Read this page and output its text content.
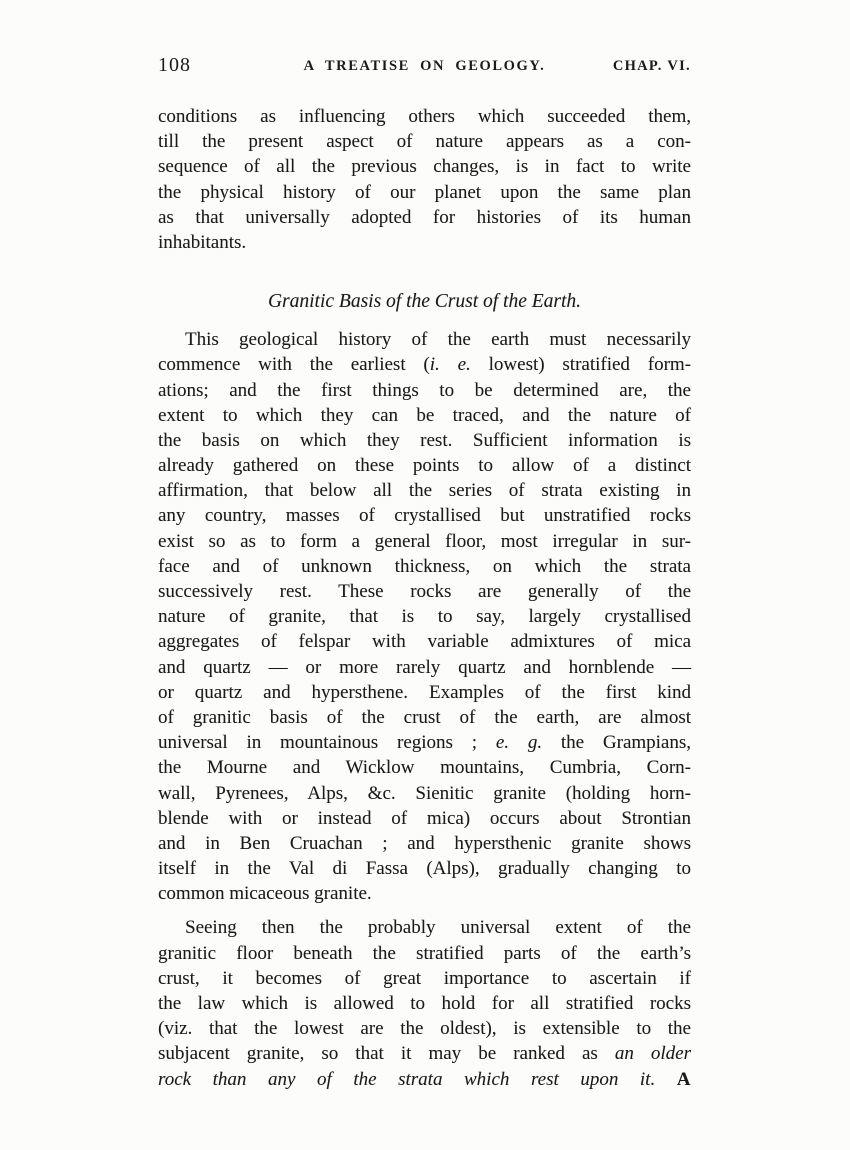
108	A TREATISE ON GEOLOGY.	CHAP. VI.
conditions as influencing others which succeeded them,
till the present aspect of nature appears as a con-
sequence of all the previous changes, is in fact to write
the physical history of our planet upon the same plan
as that universally adopted for histories of its human
inhabitants.
Granitic Basis of the Crust of the Earth.
This geological history of the earth must necessarily
commence with the earliest (i. e. lowest) stratified form-
ations; and the first things to be determined are, the
extent to which they can be traced, and the nature of
the basis on which they rest. Sufficient information is
already gathered on these points to allow of a distinct
affirmation, that below all the series of strata existing in
any country, masses of crystallised but unstratified rocks
exist so as to form a general floor, most irregular in sur-
face and of unknown thickness, on which the strata
successively rest. These rocks are generally of the
nature of granite, that is to say, largely crystallised
aggregates of felspar with variable admixtures of mica
and quartz — or more rarely quartz and hornblende —
or quartz and hypersthene. Examples of the first kind
of granitic basis of the crust of the earth, are almost
universal in mountainous regions ; e. g. the Grampians,
the Mourne and Wicklow mountains, Cumbria, Corn-
wall, Pyrenees, Alps, &c. Sienitic granite (holding horn-
blende with or instead of mica) occurs about Strontian
and in Ben Cruachan ; and hypersthenic granite shows
itself in the Val di Fassa (Alps), gradually changing to
common micaceous granite.
Seeing then the probably universal extent of the
granitic floor beneath the stratified parts of the earth’s
crust, it becomes of great importance to ascertain if
the law which is allowed to hold for all stratified rocks
(viz. that the lowest are the oldest), is extensible to the
subjacent granite, so that it may be ranked as an older
rock than any of the strata which rest upon it. A
